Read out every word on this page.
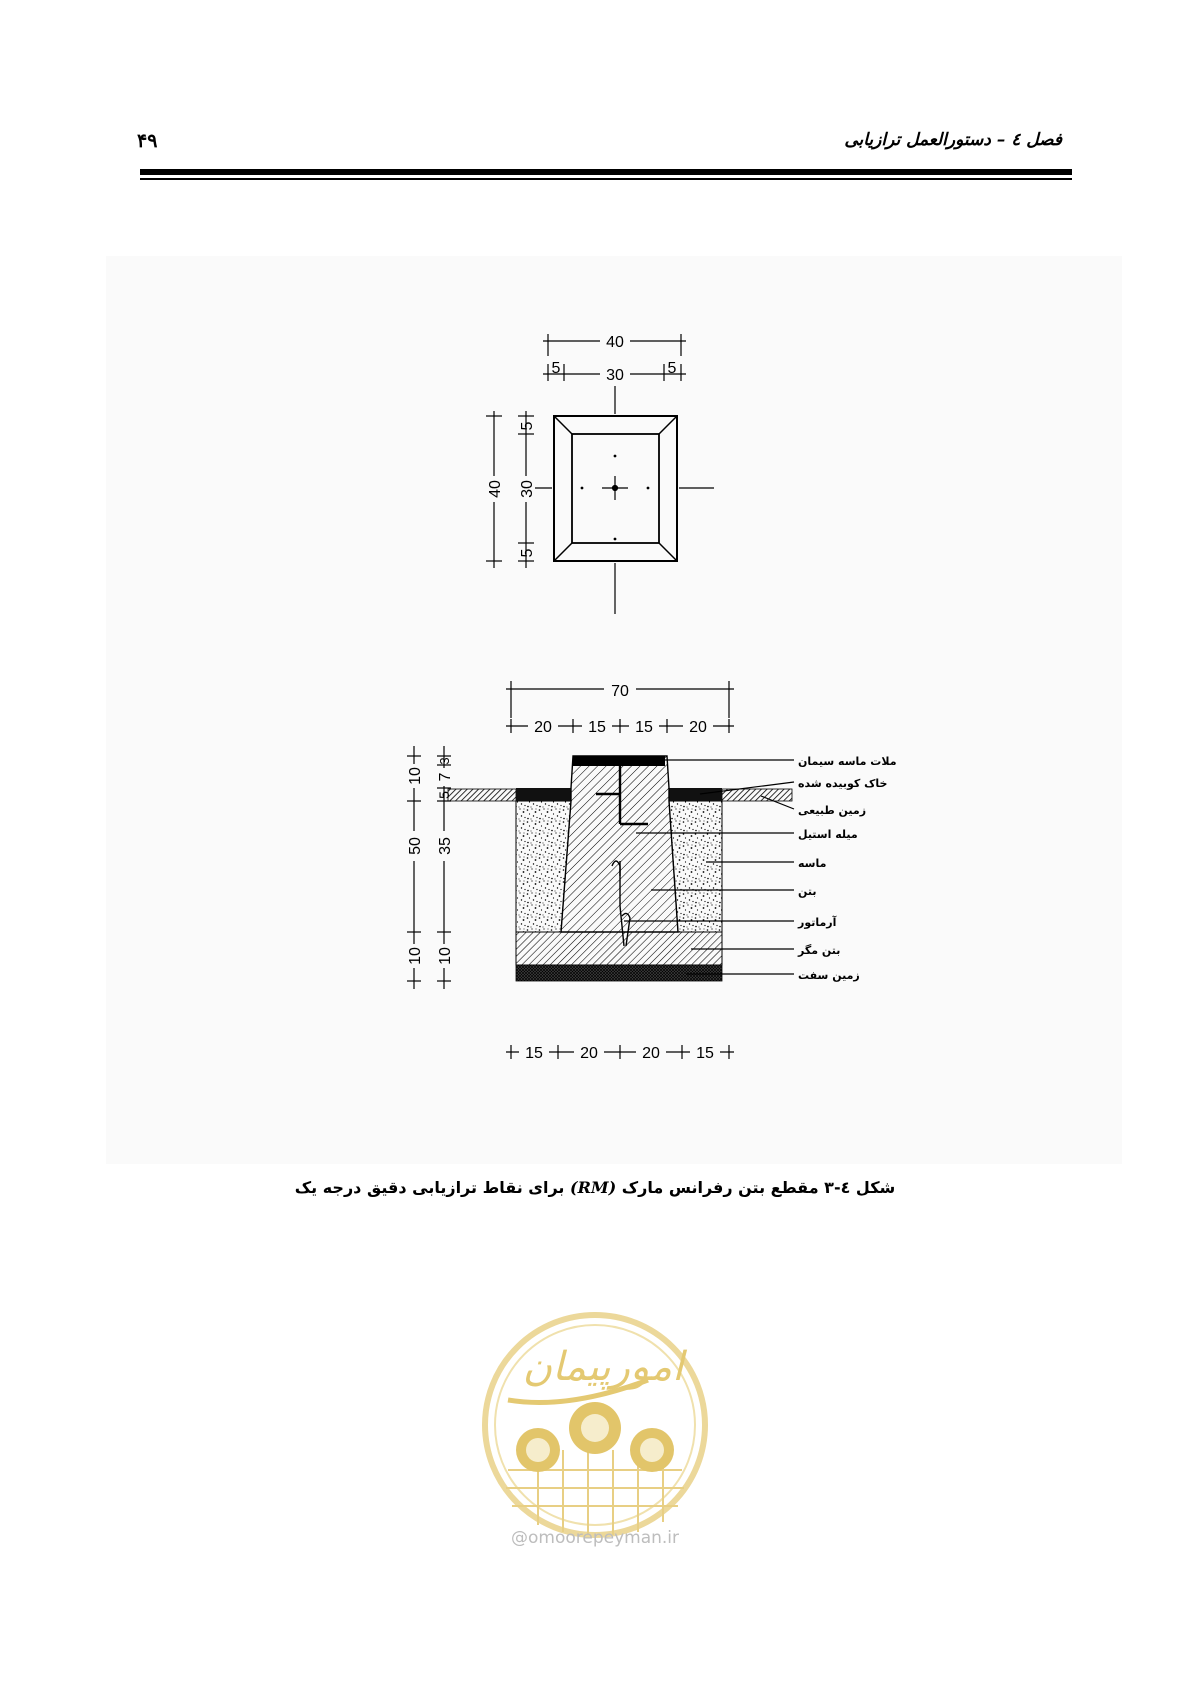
فصل ٤ – دستورالعمل ترازیابی
۴۹
40
30
5	5
40 30
5
5
70
20 15 15 20
15 20	20 15
50
10
10
3
7
5
35
10
ملات ماسه سیمان
خاک کوبیده شده
زمین طبیعی
میله استیل
ماسه
بتن
آرماتور
بتن مگر
زمین سفت
شکل ٤-٣ مقطع بتن رفرانس مارک (RM) برای نقاط ترازیابی دقیق درجه یک
امورپیمان
@omoorepeyman.ir
